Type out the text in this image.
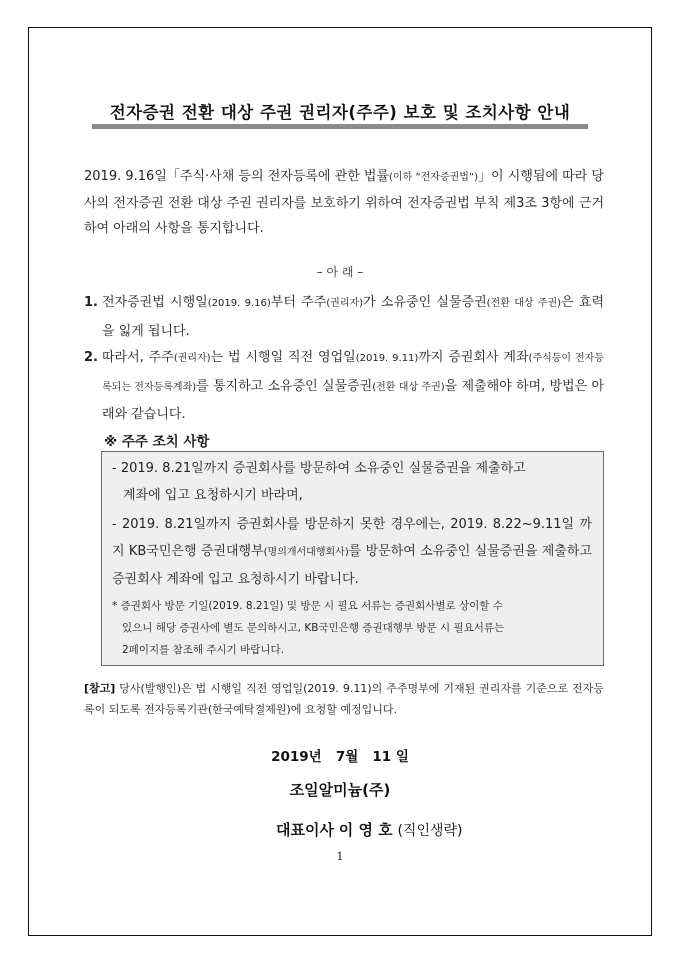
전자증권 전환 대상 주권 권리자(주주) 보호 및 조치사항 안내
2019. 9.16일「주식·사채 등의 전자등록에 관한 법률(이하 “전자증권법”)」이 시행됨에 따라 당사의 전자증권 전환 대상 주권 권리자를 보호하기 위하여 전자증권법 부칙 제3조 3항에 근거하여 아래의 사항을 통지합니다.
– 아 래 –
1. 전자증권법 시행일(2019. 9.16)부터 주주(권리자)가 소유중인 실물증권(전환 대상 주권)은 효력을 잃게 됩니다.
2. 따라서, 주주(권리자)는 법 시행일 직전 영업일(2019. 9.11)까지 증권회사 계좌(주식등이 전자등록되는 전자등록계좌)를 통지하고 소유중인 실물증권(전환 대상 주권)을 제출해야 하며, 방법은 아래와 같습니다.
※ 주주 조치 사항
- 2019. 8.21일까지 증권회사를 방문하여 소유중인 실물증권을 제출하고
계좌에 입고 요청하시기 바라며,
- 2019. 8.21일까지 증권회사를 방문하지 못한 경우에는, 2019. 8.22~9.11일 까지 KB국민은행 증권대행부(명의개서대행회사)를 방문하여 소유중인 실물증권을 제출하고 증권회사 계좌에 입고 요청하시기 바랍니다.
* 증권회사 방문 기일(2019. 8.21일) 및 방문 시 필요 서류는 증권회사별로 상이할 수
있으니 해당 증권사에 별도 문의하시고, KB국민은행 증권대행부 방문 시 필요서류는
2페이지를 참조해 주시기 바랍니다.
[참고] 당사(발행인)은 법 시행일 직전 영업일(2019. 9.11)의 주주명부에 기재된 권리자를 기준으로 전자등록이 되도록 전자등록기관(한국예탁결제원)에 요청할 예정입니다.
2019년 7월 11 일
조일알미늄(주)
대표이사 이 영 호 (직인생략)
1
